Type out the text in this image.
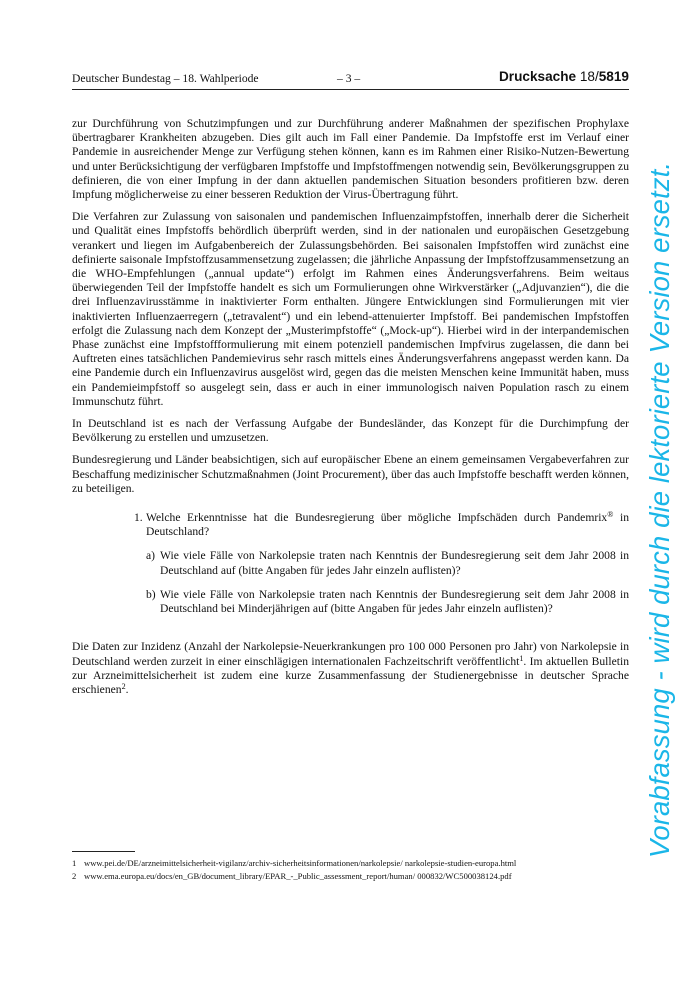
Deutscher Bundestag – 18. Wahlperiode	– 3 –	Drucksache 18/5819

zur Durchführung von Schutzimpfungen und zur Durchführung anderer Maßnahmen der spezifischen Prophylaxe übertragbarer Krankheiten abzugeben. Dies gilt auch im Fall einer Pandemie. Da Impfstoffe erst im Verlauf einer Pandemie in ausreichender Menge zur Verfügung stehen können, kann es im Rahmen einer Risiko-Nutzen-Bewertung und unter Berücksichtigung der verfügbaren Impfstoffe und Impfstoffmengen notwendig sein, Bevölkerungsgruppen zu definieren, die von einer Impfung in der dann aktuellen pandemischen Situation besonders profitieren bzw. deren Impfung möglicherweise zu einer besseren Reduktion der Virus-Übertragung führt.

Die Verfahren zur Zulassung von saisonalen und pandemischen Influenzaimpfstoffen, innerhalb derer die Sicherheit und Qualität eines Impfstoffs behördlich überprüft werden, sind in der nationalen und europäischen Gesetzgebung verankert und liegen im Aufgabenbereich der Zulassungsbehörden. Bei saisonalen Impfstoffen wird zunächst eine definierte saisonale Impfstoffzusammensetzung zugelassen; die jährliche Anpassung der Impfstoffzusammensetzung an die WHO-Empfehlungen („annual update“) erfolgt im Rahmen eines Änderungsverfahrens. Beim weitaus überwiegenden Teil der Impfstoffe handelt es sich um Formulierungen ohne Wirkverstärker („Adjuvanzien“), die die drei Influenzavirusstämme in inaktivierter Form enthalten. Jüngere Entwicklungen sind Formulierungen mit vier inaktivierten Influenzaerregern („tetravalent“) und ein lebend-attenuierter Impfstoff. Bei pandemischen Impfstoffen erfolgt die Zulassung nach dem Konzept der „Musterimpfstoffe“ („Mock-up“). Hierbei wird in der interpandemischen Phase zunächst eine Impfstoffformulierung mit einem potenziell pandemischen Impfvirus zugelassen, die dann bei Auftreten eines tatsächlichen Pandemievirus sehr rasch mittels eines Änderungsverfahrens angepasst werden kann. Da eine Pandemie durch ein Influenzavirus ausgelöst wird, gegen das die meisten Menschen keine Immunität haben, muss ein Pandemieimpfstoff so ausgelegt sein, dass er auch in einer immunologisch naiven Population rasch zu einem Immunschutz führt.

In Deutschland ist es nach der Verfassung Aufgabe der Bundesländer, das Konzept für die Durchimpfung der Bevölkerung zu erstellen und umzusetzen.

Bundesregierung und Länder beabsichtigen, sich auf europäischer Ebene an einem gemeinsamen Vergabeverfahren zur Beschaffung medizinischer Schutzmaßnahmen (Joint Procurement), über das auch Impfstoffe beschafft werden können, zu beteiligen.

1. Welche Erkenntnisse hat die Bundesregierung über mögliche Impfschäden durch Pandemrix® in Deutschland?
a) Wie viele Fälle von Narkolepsie traten nach Kenntnis der Bundesregierung seit dem Jahr 2008 in Deutschland auf (bitte Angaben für jedes Jahr einzeln auflisten)?
b) Wie viele Fälle von Narkolepsie traten nach Kenntnis der Bundesregierung seit dem Jahr 2008 in Deutschland bei Minderjährigen auf (bitte Angaben für jedes Jahr einzeln auflisten)?

Die Daten zur Inzidenz (Anzahl der Narkolepsie-Neuerkrankungen pro 100 000 Personen pro Jahr) von Narkolepsie in Deutschland werden zurzeit in einer einschlägigen internationalen Fachzeitschrift veröffentlicht$^1$. Im aktuellen Bulletin zur Arzneimittelsicherheit ist zudem eine kurze Zusammenfassung der Studienergebnisse in deutscher Sprache erschienen$^2$.

1 www.pei.de/DE/arzneimittelsicherheit-vigilanz/archiv-sicherheitsinformationen/narkolepsie/ narkolepsie-studien-europa.html
2 www.ema.europa.eu/docs/en_GB/document_library/EPAR_-_Public_assessment_report/human/ 000832/WC500038124.pdf
Vorabfassung - wird durch die lektorierte Version ersetzt.
